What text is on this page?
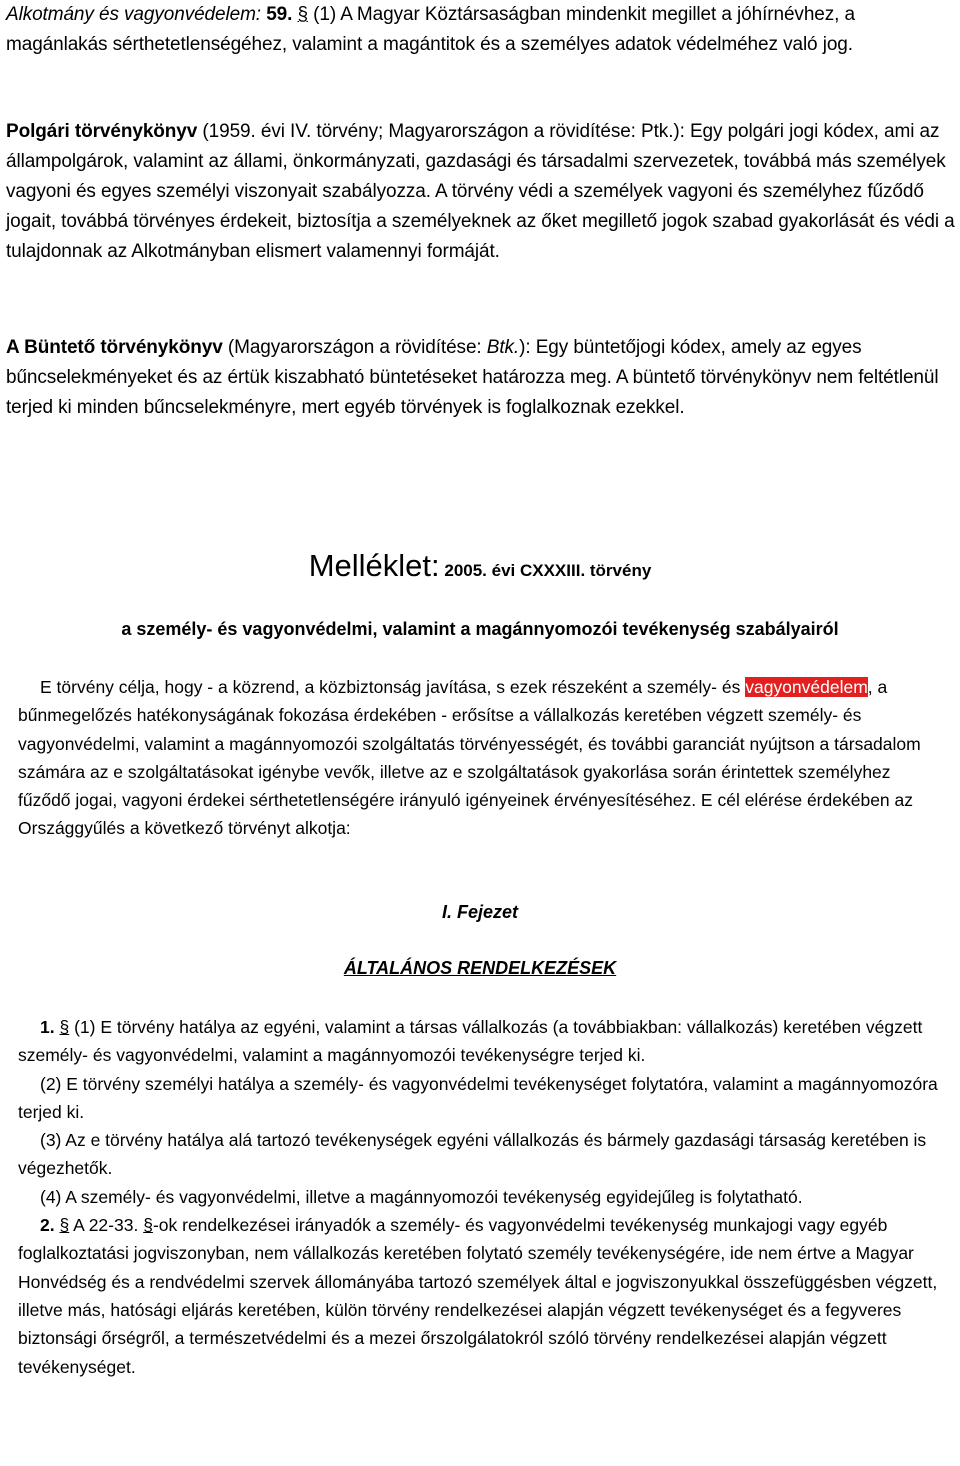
Alkotmány és vagyonvédelem: 59. § (1) A Magyar Köztársaságban mindenkit megillet a jóhírnévhez, a magánlakás sérthetetlenségéhez, valamint a magántitok és a személyes adatok védelméhez való jog.

Polgári törvénykönyv (1959. évi IV. törvény; Magyarországon a rövidítése: Ptk.): Egy polgári jogi kódex, ami az állampolgárok, valamint az állami, önkormányzati, gazdasági és társadalmi szervezetek, továbbá más személyek vagyoni és egyes személyi viszonyait szabályozza. A törvény védi a személyek vagyoni és személyhez fűződő jogait, továbbá törvényes érdekeit, biztosítja a személyeknek az őket megillető jogok szabad gyakorlását és védi a tulajdonnak az Alkotmányban elismert valamennyi formáját.

A Büntető törvénykönyv (Magyarországon a rövidítése: Btk.): Egy büntetőjogi kódex, amely az egyes bűncselekményeket és az értük kiszabható büntetéseket határozza meg. A büntető törvénykönyv nem feltétlenül terjed ki minden bűncselekményre, mert egyéb törvények is foglalkoznak ezekkel.

Melléklet: 2005. évi CXXXIII. törvény
a személy- és vagyonvédelmi, valamint a magánnyomozói tevékenység szabályairól

E törvény célja, hogy - a közrend, a közbiztonság javítása, s ezek részeként a személy- és vagyonvédelem, a bűnmegelőzés hatékonyságának fokozása érdekében - erősítse a vállalkozás keretében végzett személy- és vagyonvédelmi, valamint a magánnyomozói szolgáltatás törvényességét, és további garanciát nyújtson a társadalom számára az e szolgáltatásokat igénybe vevők, illetve az e szolgáltatások gyakorlása során érintettek személyhez fűződő jogai, vagyoni érdekei sérthetetlenségére irányuló igényeinek érvényesítéséhez. E cél elérése érdekében az Országgyűlés a következő törvényt alkotja:

I. Fejezet
ÁLTALÁNOS RENDELKEZÉSEK
1. § (1) E törvény hatálya az egyéni, valamint a társas vállalkozás (a továbbiakban: vállalkozás) keretében végzett személy- és vagyonvédelmi, valamint a magánnyomozói tevékenységre terjed ki.
(2) E törvény személyi hatálya a személy- és vagyonvédelmi tevékenységet folytatóra, valamint a magánnyomozóra terjed ki.
(3) Az e törvény hatálya alá tartozó tevékenységek egyéni vállalkozás és bármely gazdasági társaság keretében is végezhetők.
(4) A személy- és vagyonvédelmi, illetve a magánnyomozói tevékenység egyidejűleg is folytatható.
2. § A 22-33. §-ok rendelkezései irányadók a személy- és vagyonvédelmi tevékenység munkajogi vagy egyéb foglalkoztatási jogviszonyban, nem vállalkozás keretében folytató személy tevékenységére, ide nem értve a Magyar Honvédség és a rendvédelmi szervek állományába tartozó személyek által e jogviszonyukkal összefüggésben végzett, illetve más, hatósági eljárás keretében, külön törvény rendelkezései alapján végzett tevékenységet és a fegyveres biztonsági őrségről, a természetvédelmi és a mezei őrszolgálatokról szóló törvény rendelkezései alapján végzett tevékenységet.
